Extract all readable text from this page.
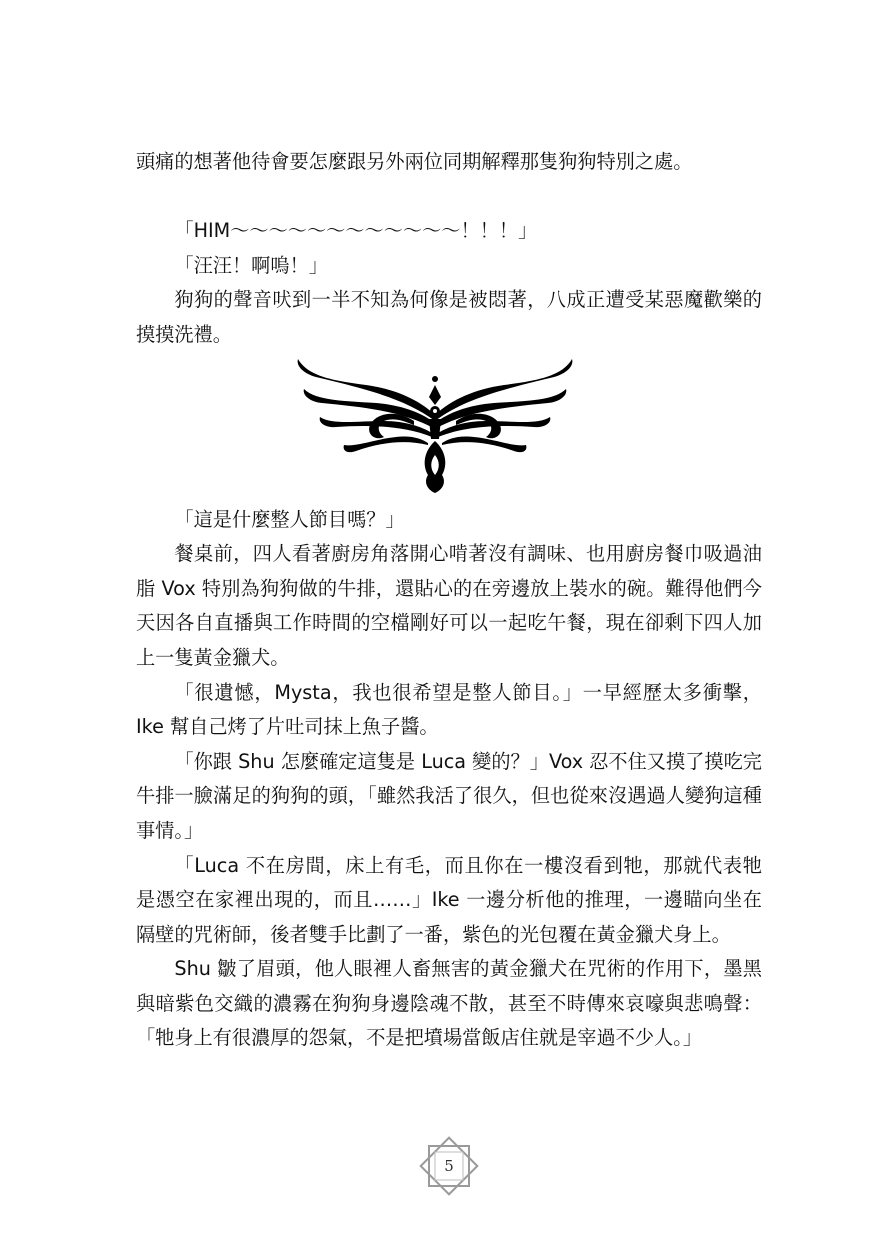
頭痛的想著他待會要怎麼跟另外兩位同期解釋那隻狗狗特別之處。

「HIM～～～～～～～～～～～～！！！」

「汪汪！啊嗚！」

狗狗的聲音吠到一半不知為何像是被悶著，八成正遭受某惡魔歡樂的摸摸洗禮。

「這是什麼整人節目嗎？」

餐桌前，四人看著廚房角落開心啃著沒有調味、也用廚房餐巾吸過油脂 Vox 特別為狗狗做的牛排，還貼心的在旁邊放上裝水的碗。難得他們今天因各自直播與工作時間的空檔剛好可以一起吃午餐，現在卻剩下四人加上一隻黃金獵犬。

「很遺憾，Mysta，我也很希望是整人節目。」一早經歷太多衝擊，Ike 幫自己烤了片吐司抹上魚子醬。

「你跟 Shu 怎麼確定這隻是 Luca 變的？」Vox 忍不住又摸了摸吃完牛排一臉滿足的狗狗的頭，「雖然我活了很久，但也從來沒遇過人變狗這種事情。」

「Luca 不在房間，床上有毛，而且你在一樓沒看到牠，那就代表牠是憑空在家裡出現的，而且……」Ike 一邊分析他的推理，一邊瞄向坐在隔壁的咒術師，後者雙手比劃了一番，紫色的光包覆在黃金獵犬身上。

Shu 皺了眉頭，他人眼裡人畜無害的黃金獵犬在咒術的作用下，墨黑與暗紫色交織的濃霧在狗狗身邊陰魂不散，甚至不時傳來哀嚎與悲鳴聲：「牠身上有很濃厚的怨氣，不是把墳場當飯店住就是宰過不少人。」

5
